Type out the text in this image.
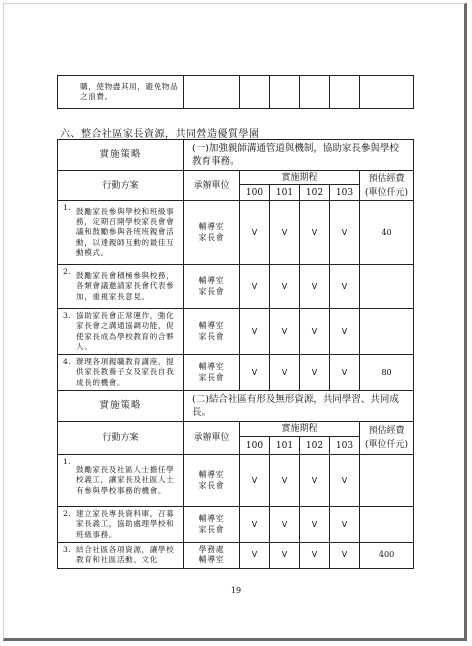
購，使物盡其用，避免物品之浪費。						
六、整合社區家長資源，共同營造優質學園
實施策略	(一)加強親師溝通管道與機制，協助家長參與學校教育事務。					
行動方案	承辦單位	實施期程				預估經費
(單位仟元)
		100	101	102	103	

1. 鼓勵家長參與學校和班級事務，定期召開學校家長會會議和鼓勵參與各班班親會活動，以達親師互動的最佳互動模式。	輔導室
家長會	V	V	V	V	40

2. 鼓勵家長會積極參與校務，各類會議邀請家長會代表參加，重視家長意見。	輔導室
家長會	V	V	V	V	

3. 協助家長會正常運作，強化家長會之溝通協調功能，促使家長成為學校教育的合夥人。	輔導室
家長會	V	V	V	V	

4. 辦理各項親職教育講座，提供家長教養子女及家長自我成長的機會。	輔導室
家長會	V	V	V	V	80
實施策略	(二)結合社區有形及無形資源，共同學習、共同成長。					
行動方案	承辦單位	實施期程				預估經費
(單位仟元)
		100	101	102	103	

1.
鼓勵家長及社區人士擔任學校義工，讓家長及社區人士有參與學校事務的機會。	輔導室
家長會	V	V	V	V	

2. 建立家長專長資料庫，召募家長義工，協助處理學校和班級事務。	輔導室
家長會	V	V	V	V	

3. 結合社區各項資源，讓學校教育和社區活動、文化	學務處
輔導室	V	V	V	V	400
19
